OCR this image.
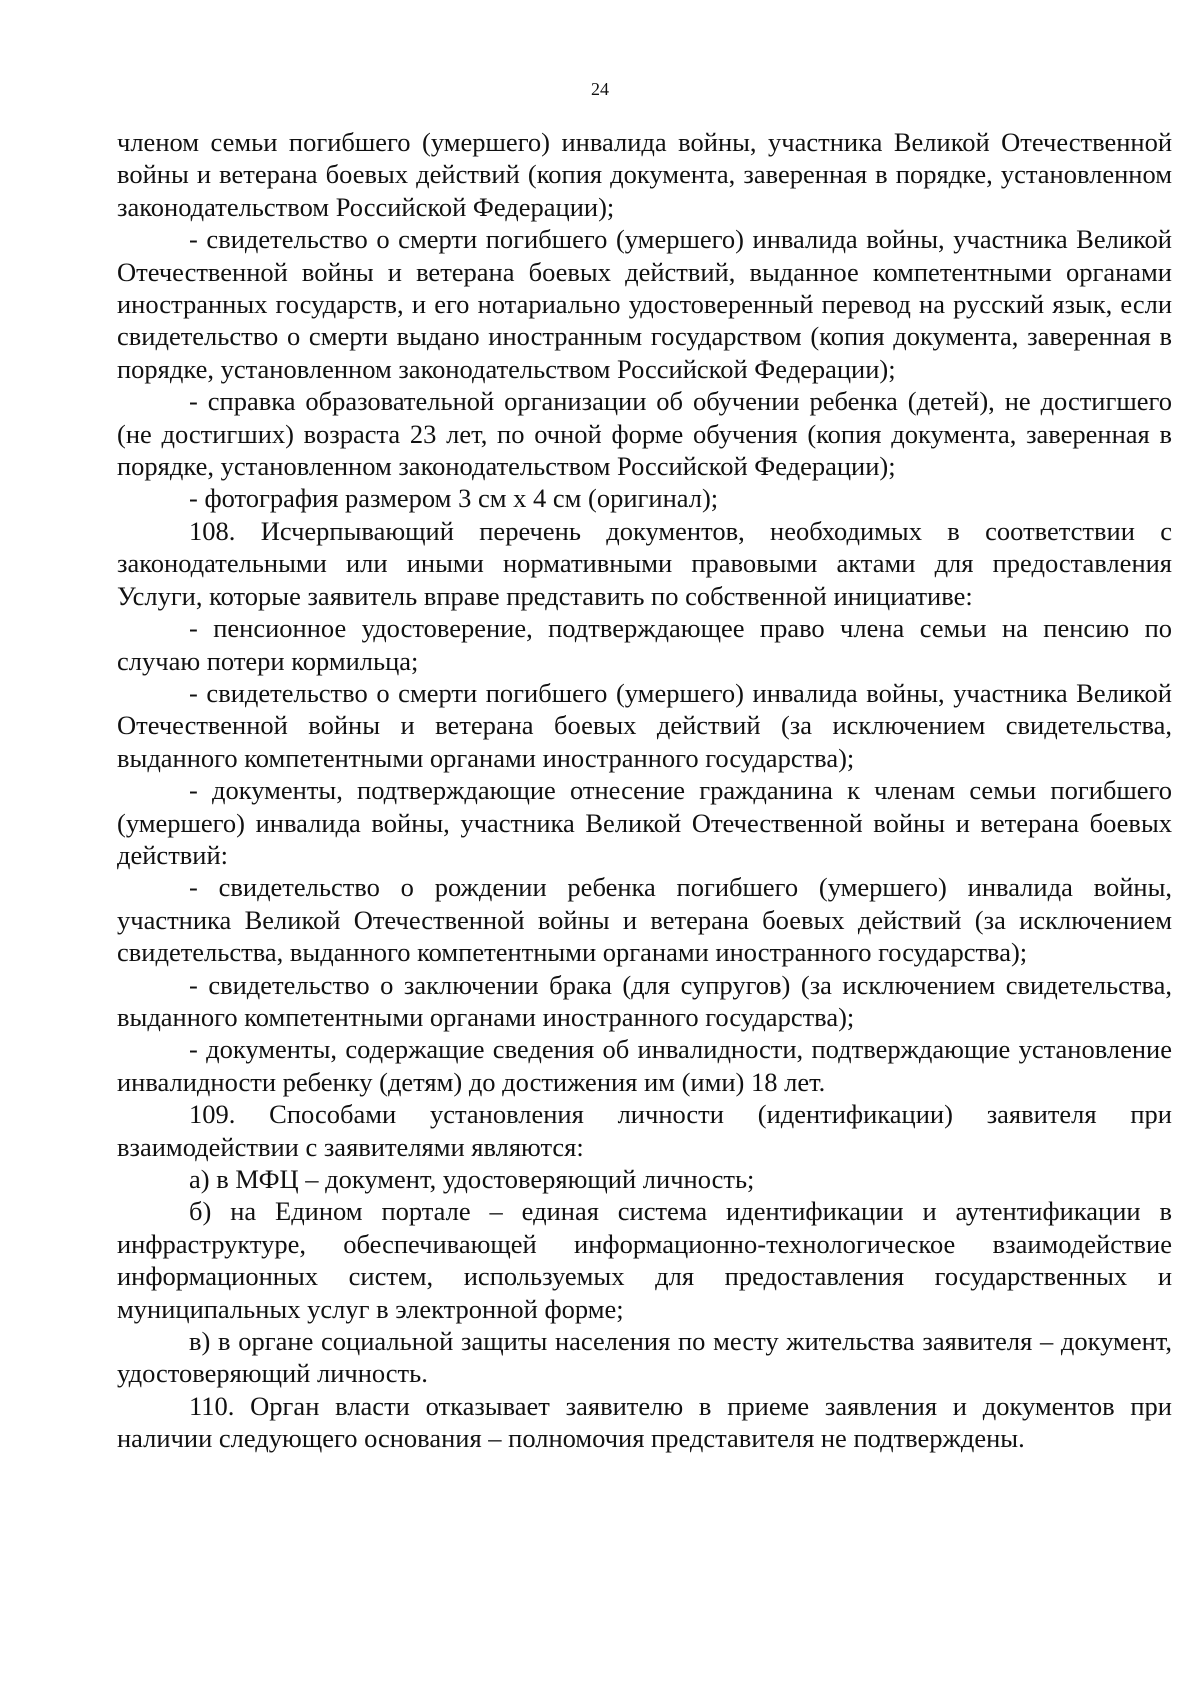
24

членом семьи погибшего (умершего) инвалида войны, участника Великой Отечественной войны и ветерана боевых действий (копия документа, заверенная в порядке, установленном законодательством Российской Федерации);

- свидетельство о смерти погибшего (умершего) инвалида войны, участника Великой Отечественной войны и ветерана боевых действий, выданное компетентными органами иностранных государств, и его нотариально удостоверенный перевод на русский язык, если свидетельство о смерти выдано иностранным государством (копия документа, заверенная в порядке, установленном законодательством Российской Федерации);

- справка образовательной организации об обучении ребенка (детей), не достигшего (не достигших) возраста 23 лет, по очной форме обучения (копия документа, заверенная в порядке, установленном законодательством Российской Федерации);

- фотография размером 3 см х 4 см (оригинал);

108. Исчерпывающий перечень документов, необходимых в соответствии с законодательными или иными нормативными правовыми актами для предоставления Услуги, которые заявитель вправе представить по собственной инициативе:

- пенсионное удостоверение, подтверждающее право члена семьи на пенсию по случаю потери кормильца;

- свидетельство о смерти погибшего (умершего) инвалида войны, участника Великой Отечественной войны и ветерана боевых действий (за исключением свидетельства, выданного компетентными органами иностранного государства);

- документы, подтверждающие отнесение гражданина к членам семьи погибшего (умершего) инвалида войны, участника Великой Отечественной войны и ветерана боевых действий:

- свидетельство о рождении ребенка погибшего (умершего) инвалида войны, участника Великой Отечественной войны и ветерана боевых действий (за исключением свидетельства, выданного компетентными органами иностранного государства);

- свидетельство о заключении брака (для супругов) (за исключением свидетельства, выданного компетентными органами иностранного государства);

- документы, содержащие сведения об инвалидности, подтверждающие установление инвалидности ребенку (детям) до достижения им (ими) 18 лет.

109. Способами установления личности (идентификации) заявителя при взаимодействии с заявителями являются:

а) в МФЦ – документ, удостоверяющий личность;

б) на Едином портале – единая система идентификации и аутентификации в инфраструктуре, обеспечивающей информационно-технологическое взаимодействие информационных систем, используемых для предоставления государственных и муниципальных услуг в электронной форме;

в) в органе социальной защиты населения по месту жительства заявителя – документ, удостоверяющий личность.

110. Орган власти отказывает заявителю в приеме заявления и документов при наличии следующего основания – полномочия представителя не подтверждены.
